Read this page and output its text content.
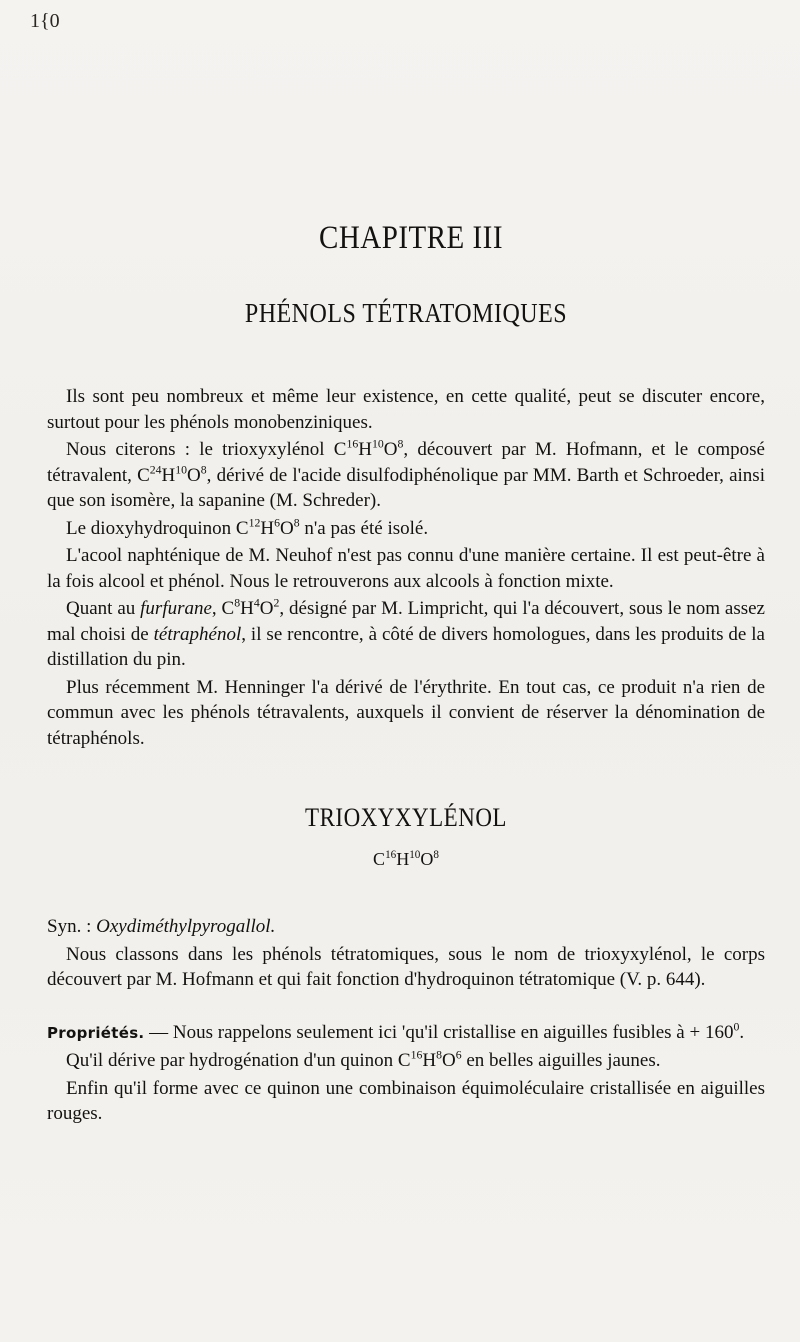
1{0
CHAPITRE III
PHÉNOLS TÉTRATOMIQUES

Ils sont peu nombreux et même leur existence, en cette qualité, peut se discuter encore, surtout pour les phénols monobenziniques.

Nous citerons : le trioxyxylénol $C^{16}H^{10}O^8$, découvert par M. Hofmann, et le composé tétravalent, $C^{24}H^{10}O^8$, dérivé de l'acide disulfodiphénolique par MM. Barth et Schroeder, ainsi que son isomère, la sapanine (M. Schreder).

Le dioxyhydroquinon $C^{12}H^6O^8$ n'a pas été isolé.

L'acool naphténique de M. Neuhof n'est pas connu d'une manière certaine. Il est peut-être à la fois alcool et phénol. Nous le retrouverons aux alcools à fonction mixte.

Quant au furfurane, $C^8H^4O^2$, désigné par M. Limpricht, qui l'a découvert, sous le nom assez mal choisi de tétraphénol, il se rencontre, à côté de divers homologues, dans les produits de la distillation du pin.

Plus récemment M. Henninger l'a dérivé de l'érythrite. En tout cas, ce produit n'a rien de commun avec les phénols tétravalents, auxquels il convient de réserver la dénomination de tétraphénols.

TRIOXYXYLÉNOL
$C^{16}H^{10}O^8$

Syn. : Oxydiméthylpyrogallol.

Nous classons dans les phénols tétratomiques, sous le nom de trioxyxylénol, le corps découvert par M. Hofmann et qui fait fonction d'hydroquinon tétratomique (V. p. 644).

Propriétés. — Nous rappelons seulement ici 'qu'il cristallise en aiguilles fusibles à + $160^0$.

Qu'il dérive par hydrogénation d'un quinon $C^{16}H^8O^6$ en belles aiguilles jaunes.

Enfin qu'il forme avec ce quinon une combinaison équimoléculaire cristallisée en aiguilles rouges.
